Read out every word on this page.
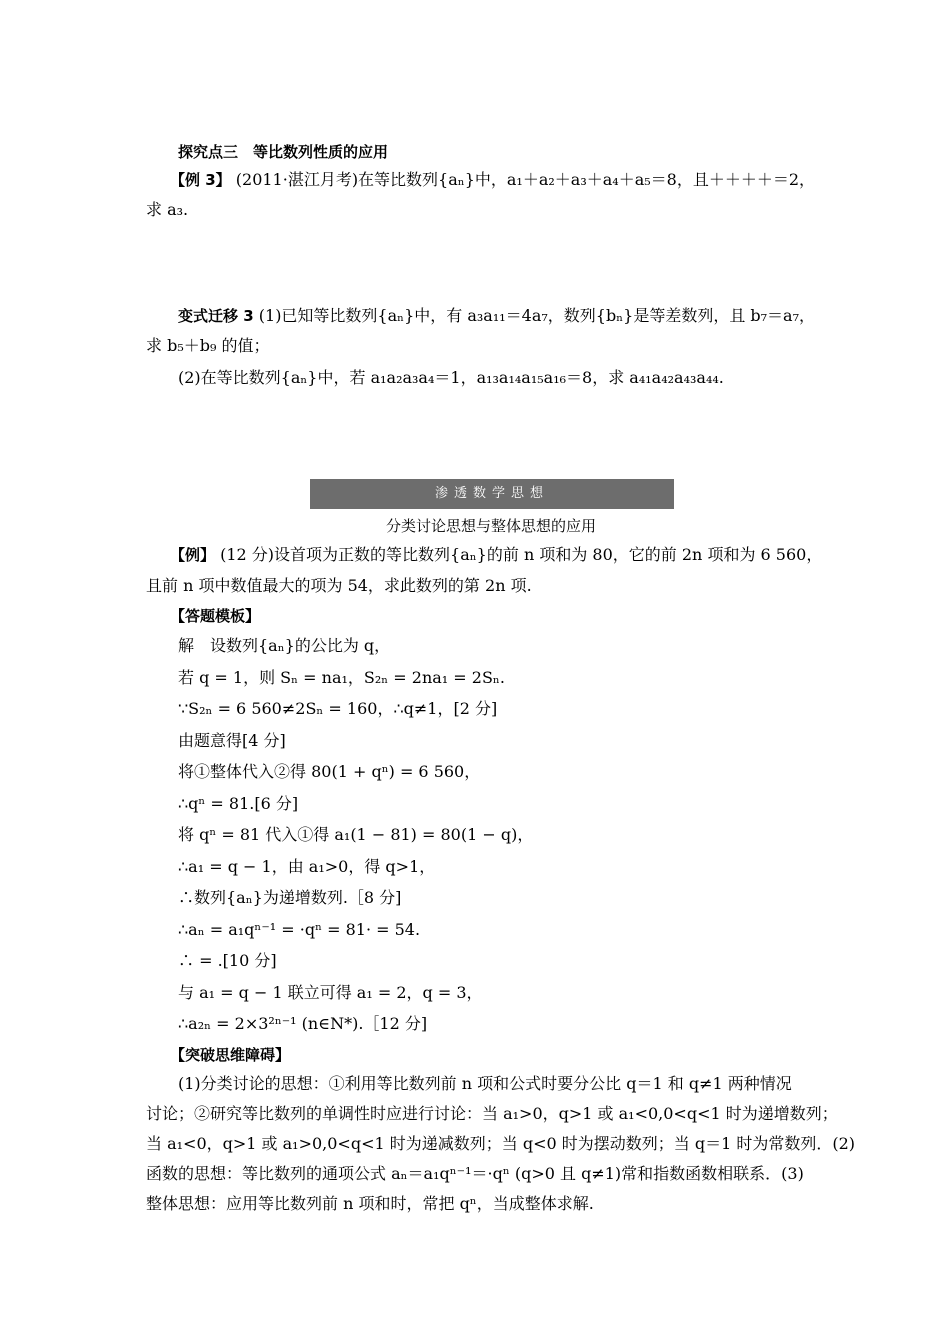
探究点三　等比数列性质的应用
【例 3】 (2011·湛江月考)在等比数列{aₙ}中，a₁＋a₂＋a₃＋a₄＋a₅＝8，且＋＋＋＋＝2，
求 a₃.
变式迁移 3 (1)已知等比数列{aₙ}中，有 a₃a₁₁＝4a₇，数列{bₙ}是等差数列，且 b₇＝a₇，
求 b₅＋b₉ 的值；
(2)在等比数列{aₙ}中，若 a₁a₂a₃a₄＝1，a₁₃a₁₄a₁₅a₁₆＝8，求 a₄₁a₄₂a₄₃a₄₄.
渗透数学思想
分类讨论思想与整体思想的应用
【例】 (12 分)设首项为正数的等比数列{aₙ}的前 n 项和为 80，它的前 2n 项和为 6 560，
且前 n 项中数值最大的项为 54，求此数列的第 2n 项.
【答题模板】
解　设数列{aₙ}的公比为 q，
若 q = 1，则 Sₙ = na₁，S₂ₙ = 2na₁ = 2Sₙ.
∵S₂ₙ = 6 560≠2Sₙ = 160，∴q≠1，[2 分]
由题意得[4 分]
将①整体代入②得 80(1 + qⁿ) = 6 560，
∴qⁿ = 81.[6 分]
将 qⁿ = 81 代入①得 a₁(1 − 81) = 80(1 − q)，
∴a₁ = q − 1，由 a₁>0，得 q>1，
∴数列{aₙ}为递增数列.［8 分]
∴aₙ = a₁qⁿ⁻¹ = ·qⁿ = 81· = 54.
∴ = .[10 分]
与 a₁ = q − 1 联立可得 a₁ = 2，q = 3，
∴a₂ₙ = 2×3²ⁿ⁻¹ (n∈N*).［12 分]
【突破思维障碍】
(1)分类讨论的思想：①利用等比数列前 n 项和公式时要分公比 q＝1 和 q≠1 两种情况
讨论；②研究等比数列的单调性时应进行讨论：当 a₁>0，q>1 或 a₁<0,0<q<1 时为递增数列；
当 a₁<0，q>1 或 a₁>0,0<q<1 时为递减数列；当 q<0 时为摆动数列；当 q＝1 时为常数列．(2)
函数的思想：等比数列的通项公式 aₙ＝a₁qⁿ⁻¹＝·qⁿ (q>0 且 q≠1)常和指数函数相联系．(3)
整体思想：应用等比数列前 n 项和时，常把 qⁿ，当成整体求解.
